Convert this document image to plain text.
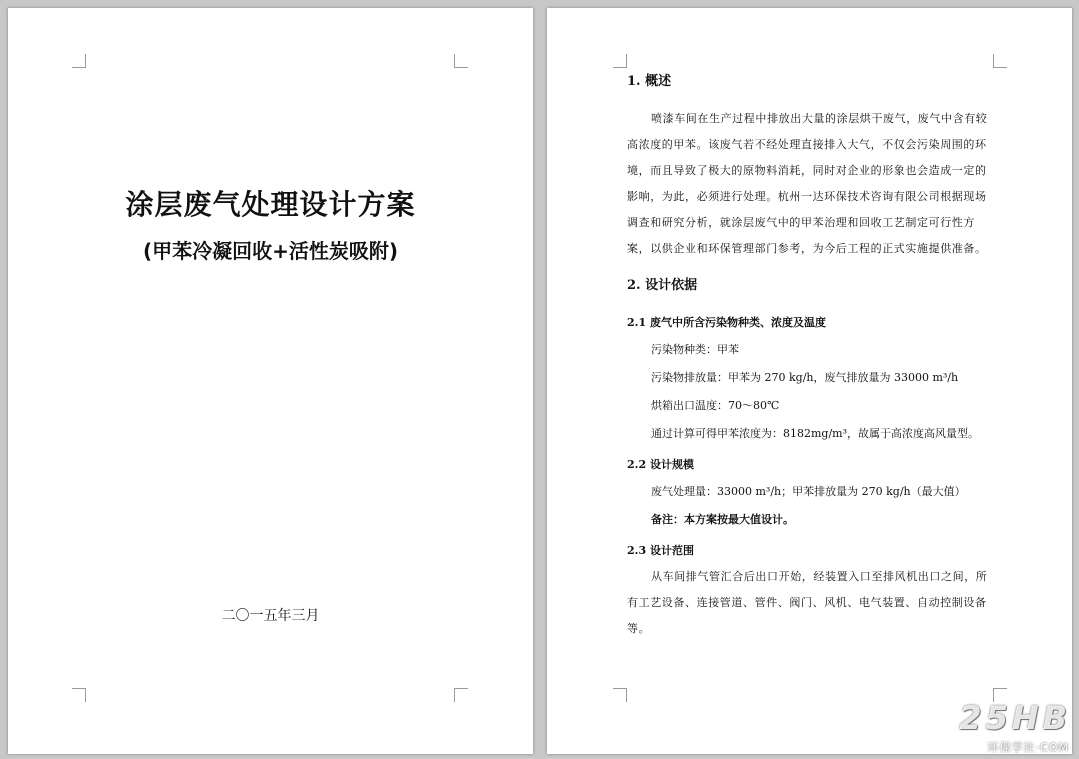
涂层废气处理设计方案
(甲苯冷凝回收+活性炭吸附)
二〇一五年三月
1. 概述
喷漆车间在生产过程中排放出大量的涂层烘干废气，废气中含有较高浓度的甲苯。该废气若不经处理直接排入大气，不仅会污染周围的环境，而且导致了极大的原物料消耗，同时对企业的形象也会造成一定的影响，为此，必须进行处理。杭州一达环保技术咨询有限公司根据现场调查和研究分析，就涂层废气中的甲苯治理和回收工艺制定可行性方案，以供企业和环保管理部门参考，为今后工程的正式实施提供准备。
2. 设计依据
2.1 废气中所含污染物种类、浓度及温度
污染物种类：甲苯
污染物排放量：甲苯为 270 kg/h，废气排放量为 33000 m³/h
烘箱出口温度：70～80℃
通过计算可得甲苯浓度为：8182mg/m³，故属于高浓度高风量型。
2.2 设计规模
废气处理量：33000 m³/h；甲苯排放量为 270 kg/h（最大值）
备注：本方案按最大值设计。
2.3 设计范围
从车间排气管汇合后出口开始，经装置入口至排风机出口之间，所有工艺设备、连接管道、管件、阀门、风机、电气装置、自动控制设备等。
25HB
环保学社·COM
